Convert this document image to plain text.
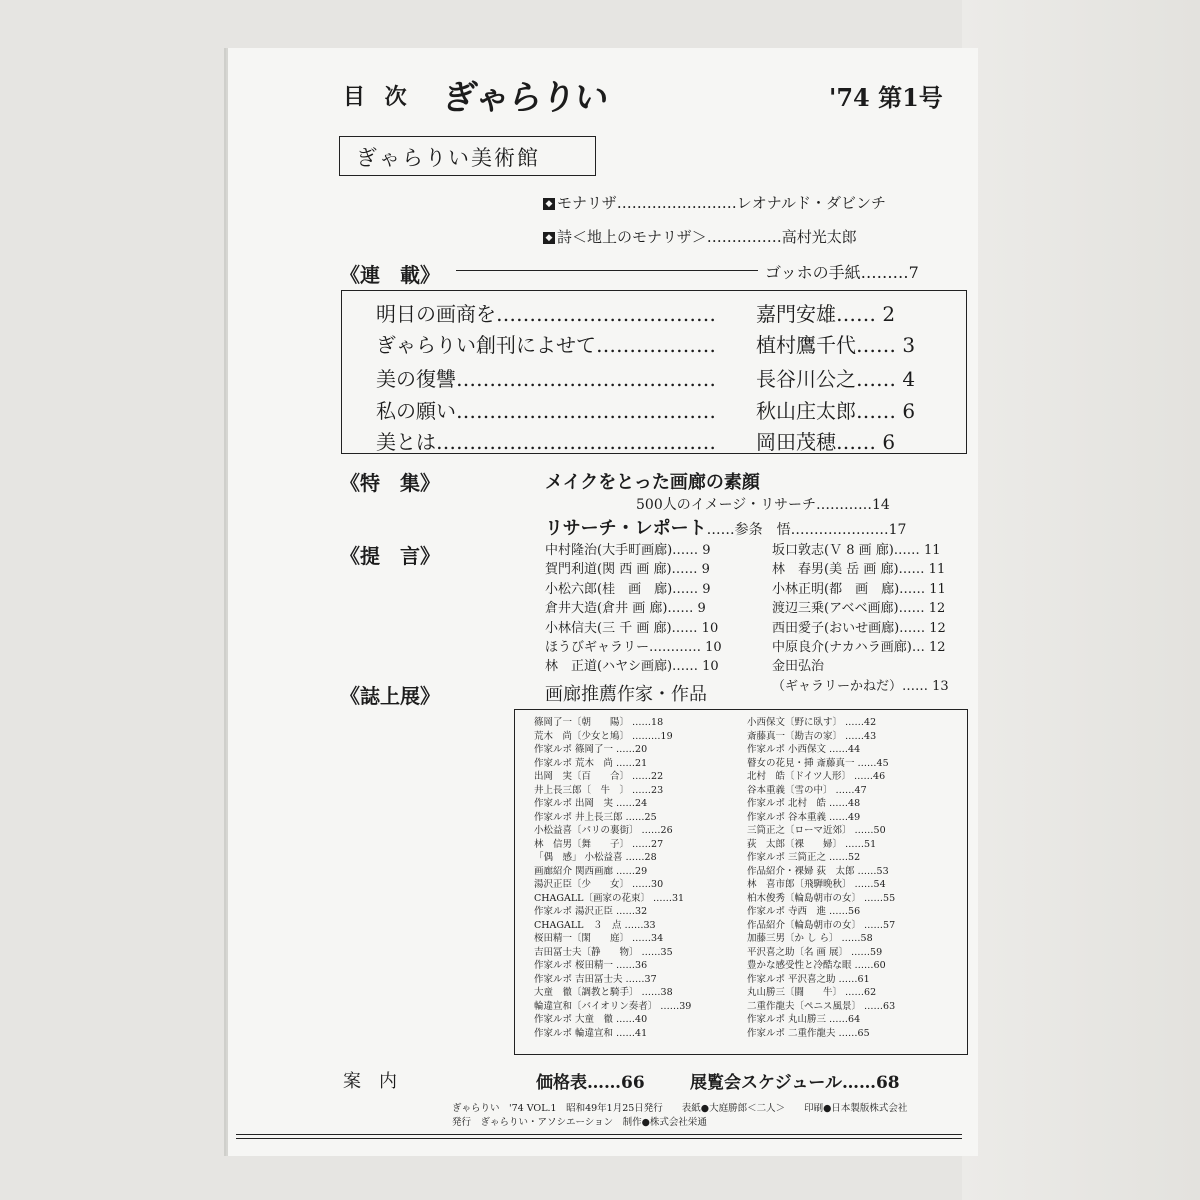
目 次 ぎゃらりい	'74 第1号
ぎゃらりい美術館
◆ モナリザ……………………レオナルド・ダビンチ
◆ 詩＜地上のモナリザ＞……………高村光太郎
《連　載》	ゴッホの手紙………7
明日の画商を…………………………… 嘉門安雄…… 2
ぎゃらりい創刊によせて……………… 植村鷹千代…… 3
美の復讐………………………………… 長谷川公之…… 4
私の願い………………………………… 秋山庄太郎…… 6
美とは…………………………………… 岡田茂穂…… 6
《特　集》	メイクをとった画廊の素顔
500人のイメージ・リサーチ…………14
リサーチ・レポート……参条　悟…………………17
《提　言》	中村隆治(大手町画廊)…… 9
賀門利道(関 西 画 廊)…… 9
小松六郎(桂　画　廊)…… 9
倉井大造(倉井 画 廊)…… 9
小林信夫(三 千 画 廊)…… 10
ほうびギャラリー………… 10
林　正道(ハヤシ画廊)…… 10
坂口敦志(Ｖ 8 画 廊)…… 11
林　春男(美 岳 画 廊)…… 11
小林正明(都　画　廊)…… 11
渡辺三乗(アベベ画廊)…… 12
西田愛子(おいせ画廊)…… 12
中原良介(ナカハラ画廊)… 12
金田弘治
（ギャラリーかねだ）…… 13
《誌上展》	画廊推薦作家・作品
篠岡了一〔朝　　陽〕 ……18
荒木　尚〔少女と鳩〕 ………19
作家ルポ 篠岡了一 ……20
作家ルポ 荒木　尚 ……21
出岡　実〔百　　合〕 ……22
井上長三郎〔　牛　〕 ……23
作家ルポ 出岡　実 ……24
作家ルポ 井上長三郎 ……25
小松益喜〔パリの裏街〕 ……26
林　信男〔舞　　子〕 ……27
「偶　感」 小松益喜 ……28
画廊紹介 関西画廊 ……29
湯沢正臣〔少　　女〕 ……30
CHAGALL〔画家の花束〕 ……31
作家ルポ 湯沢正臣 ……32
CHAGALL　３　点 ……33
桜田精一〔閑　　庭〕 ……34
吉田冨士夫〔静　　物〕 ……35
作家ルポ 桜田精一 ……36
作家ルポ 吉田冨士夫 ……37
大童　徹〔調教と騎手〕 ……38
輪違宣和〔バイオリン奏者〕 ……39
作家ルポ 大童　徹 ……40
作家ルポ 輪違宣和 ……41
小西保文〔野に臥す〕 ……42
斎藤真一〔勘吉の家〕 ……43
作家ルポ 小西保文 ……44
瞽女の花見・挿 斎藤真一 ……45
北村　皓〔ドイツ人形〕 ……46
谷本重義〔雪の中〕 ……47
作家ルポ 北村　皓 ……48
作家ルポ 谷本重義 ……49
三筒正之〔ローマ近郊〕 ……50
荻　太郎〔裸　　婦〕 ……51
作家ルポ 三筒正之 ……52
作品紹介・裸婦 荻　太郎 ……53
林　喜市郎〔飛騨晩秋〕 ……54
柏木俊秀〔輪島朝市の女〕 ……55
作家ルポ 寺西　進 ……56
作品紹介〔輪島朝市の女〕 ……57
加藤三男〔か し ら〕 ……58
平沢喜之助〔名 画 展〕 ……59
豊かな感受性と冷酷な眼 ……60
作家ルポ 平沢喜之助 ……61
丸山勝三〔闘　　牛〕 ……62
二重作龍夫〔ペニス風景〕 ……63
作家ルポ 丸山勝三 ……64
作家ルポ 二重作龍夫 ……65
案　内	価格表……66	展覧会スケジュール……68
ぎゃらりい　'74 VOL.1　昭和49年1月25日発行　　表紙●大庭勝郎＜二人＞　　印刷●日本製版株式会社
発行　ぎゃらりい・アソシエーション　制作●株式会社栄通
